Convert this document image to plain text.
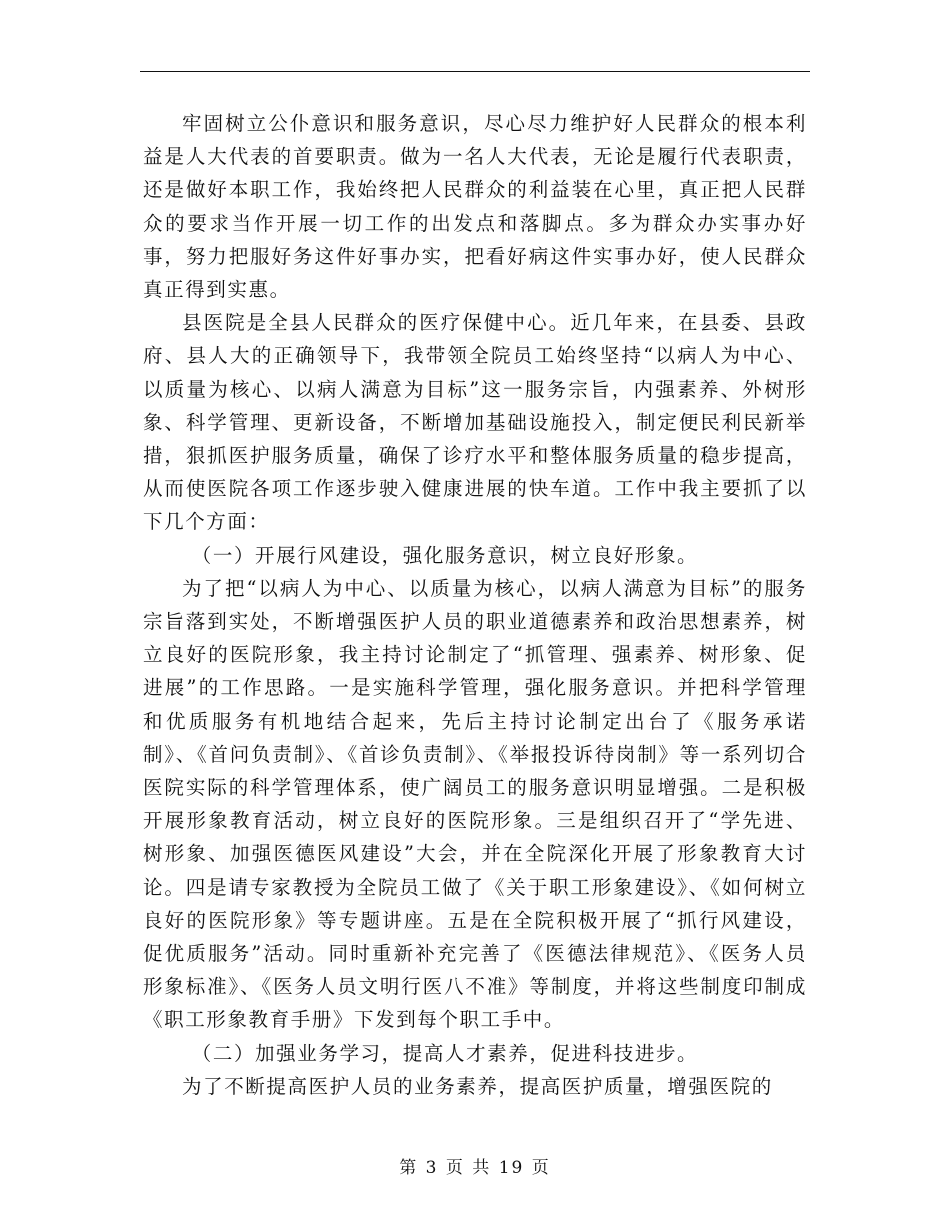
牢固树立公仆意识和服务意识，尽心尽力维护好人民群众的根本利益是人大代表的首要职责。做为一名人大代表，无论是履行代表职责，还是做好本职工作，我始终把人民群众的利益装在心里，真正把人民群众的要求当作开展一切工作的出发点和落脚点。多为群众办实事办好事，努力把服好务这件好事办实，把看好病这件实事办好，使人民群众真正得到实惠。

县医院是全县人民群众的医疗保健中心。近几年来，在县委、县政府、县人大的正确领导下，我带领全院员工始终坚持“以病人为中心、以质量为核心、以病人满意为目标”这一服务宗旨，内强素养、外树形象、科学管理、更新设备，不断增加基础设施投入，制定便民利民新举措，狠抓医护服务质量，确保了诊疗水平和整体服务质量的稳步提高，从而使医院各项工作逐步驶入健康进展的快车道。工作中我主要抓了以下几个方面：

（一）开展行风建设，强化服务意识，树立良好形象。

为了把“以病人为中心、以质量为核心，以病人满意为目标”的服务宗旨落到实处，不断增强医护人员的职业道德素养和政治思想素养，树立良好的医院形象，我主持讨论制定了“抓管理、强素养、树形象、促进展”的工作思路。一是实施科学管理，强化服务意识。并把科学管理和优质服务有机地结合起来，先后主持讨论制定出台了《服务承诺制》、《首问负责制》、《首诊负责制》、《举报投诉待岗制》等一系列切合医院实际的科学管理体系，使广阔员工的服务意识明显增强。二是积极开展形象教育活动，树立良好的医院形象。三是组织召开了“学先进、树形象、加强医德医风建设”大会，并在全院深化开展了形象教育大讨论。四是请专家教授为全院员工做了《关于职工形象建设》、《如何树立良好的医院形象》等专题讲座。五是在全院积极开展了“抓行风建设，促优质服务”活动。同时重新补充完善了《医德法律规范》、《医务人员形象标准》、《医务人员文明行医八不准》等制度，并将这些制度印制成《职工形象教育手册》下发到每个职工手中。

（二）加强业务学习，提高人才素养，促进科技进步。

为了不断提高医护人员的业务素养，提高医护质量，增强医院的

第 3 页 共 19 页
